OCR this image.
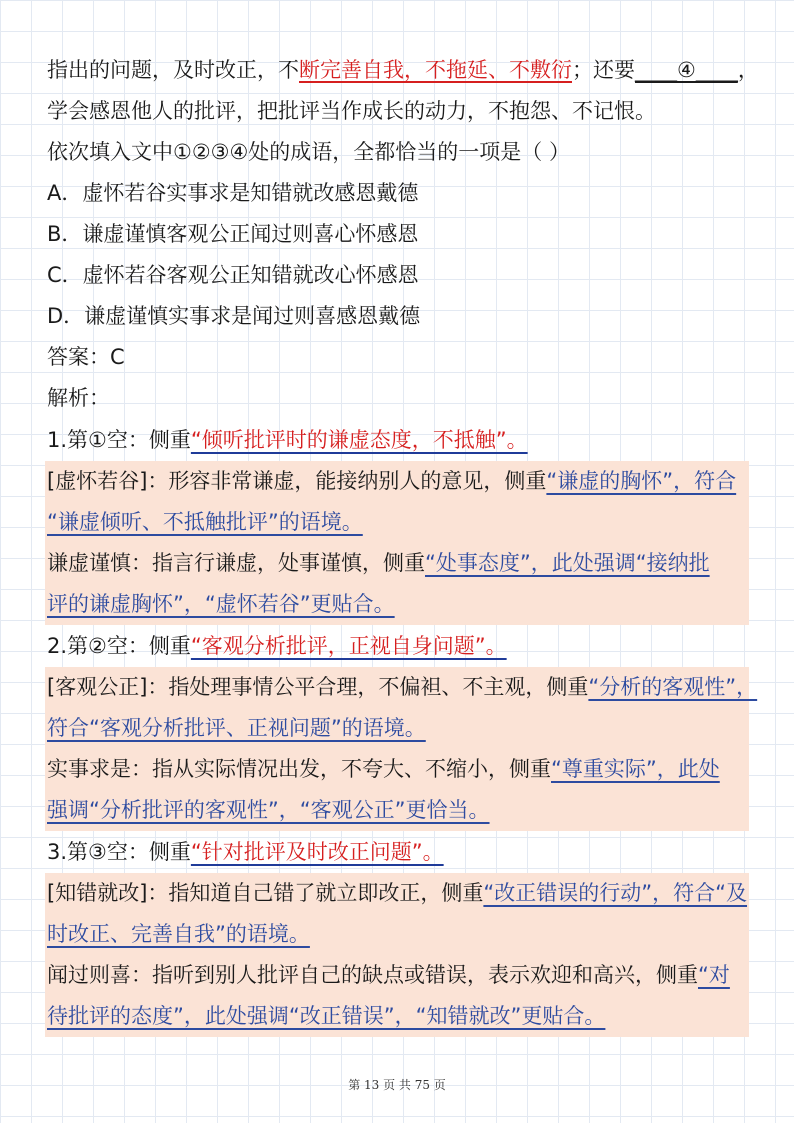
指出的问题，及时改正，不断完善自我，不拖延、不敷衍；还要____④____，

学会感恩他人的批评，把批评当作成长的动力，不抱怨、不记恨。

依次填入文中①②③④处的成语，全都恰当的一项是（ ）

A．虚怀若谷实事求是知错就改感恩戴德

B．谦虚谨慎客观公正闻过则喜心怀感恩

C．虚怀若谷客观公正知错就改心怀感恩

D．谦虚谨慎实事求是闻过则喜感恩戴德

答案：C

解析：

1.第①空：侧重“倾听批评时的谦虚态度，不抵触”。

[虚怀若谷]：形容非常谦虚，能接纳别人的意见，侧重“谦虚的胸怀”，符合

“谦虚倾听、不抵触批评”的语境。

谦虚谨慎：指言行谦虚，处事谨慎，侧重“处事态度”，此处强调“接纳批

评的谦虚胸怀”，“虚怀若谷”更贴合。

2.第②空：侧重“客观分析批评，正视自身问题”。

[客观公正]：指处理事情公平合理，不偏袒、不主观，侧重“分析的客观性”，

符合“客观分析批评、正视问题”的语境。

实事求是：指从实际情况出发，不夸大、不缩小，侧重“尊重实际”，此处

强调“分析批评的客观性”，“客观公正”更恰当。

3.第③空：侧重“针对批评及时改正问题”。

[知错就改]：指知道自己错了就立即改正，侧重“改正错误的行动”，符合“及

时改正、完善自我”的语境。

闻过则喜：指听到别人批评自己的缺点或错误，表示欢迎和高兴，侧重“对

待批评的态度”，此处强调“改正错误”，“知错就改”更贴合。

第 13 页 共 75 页
